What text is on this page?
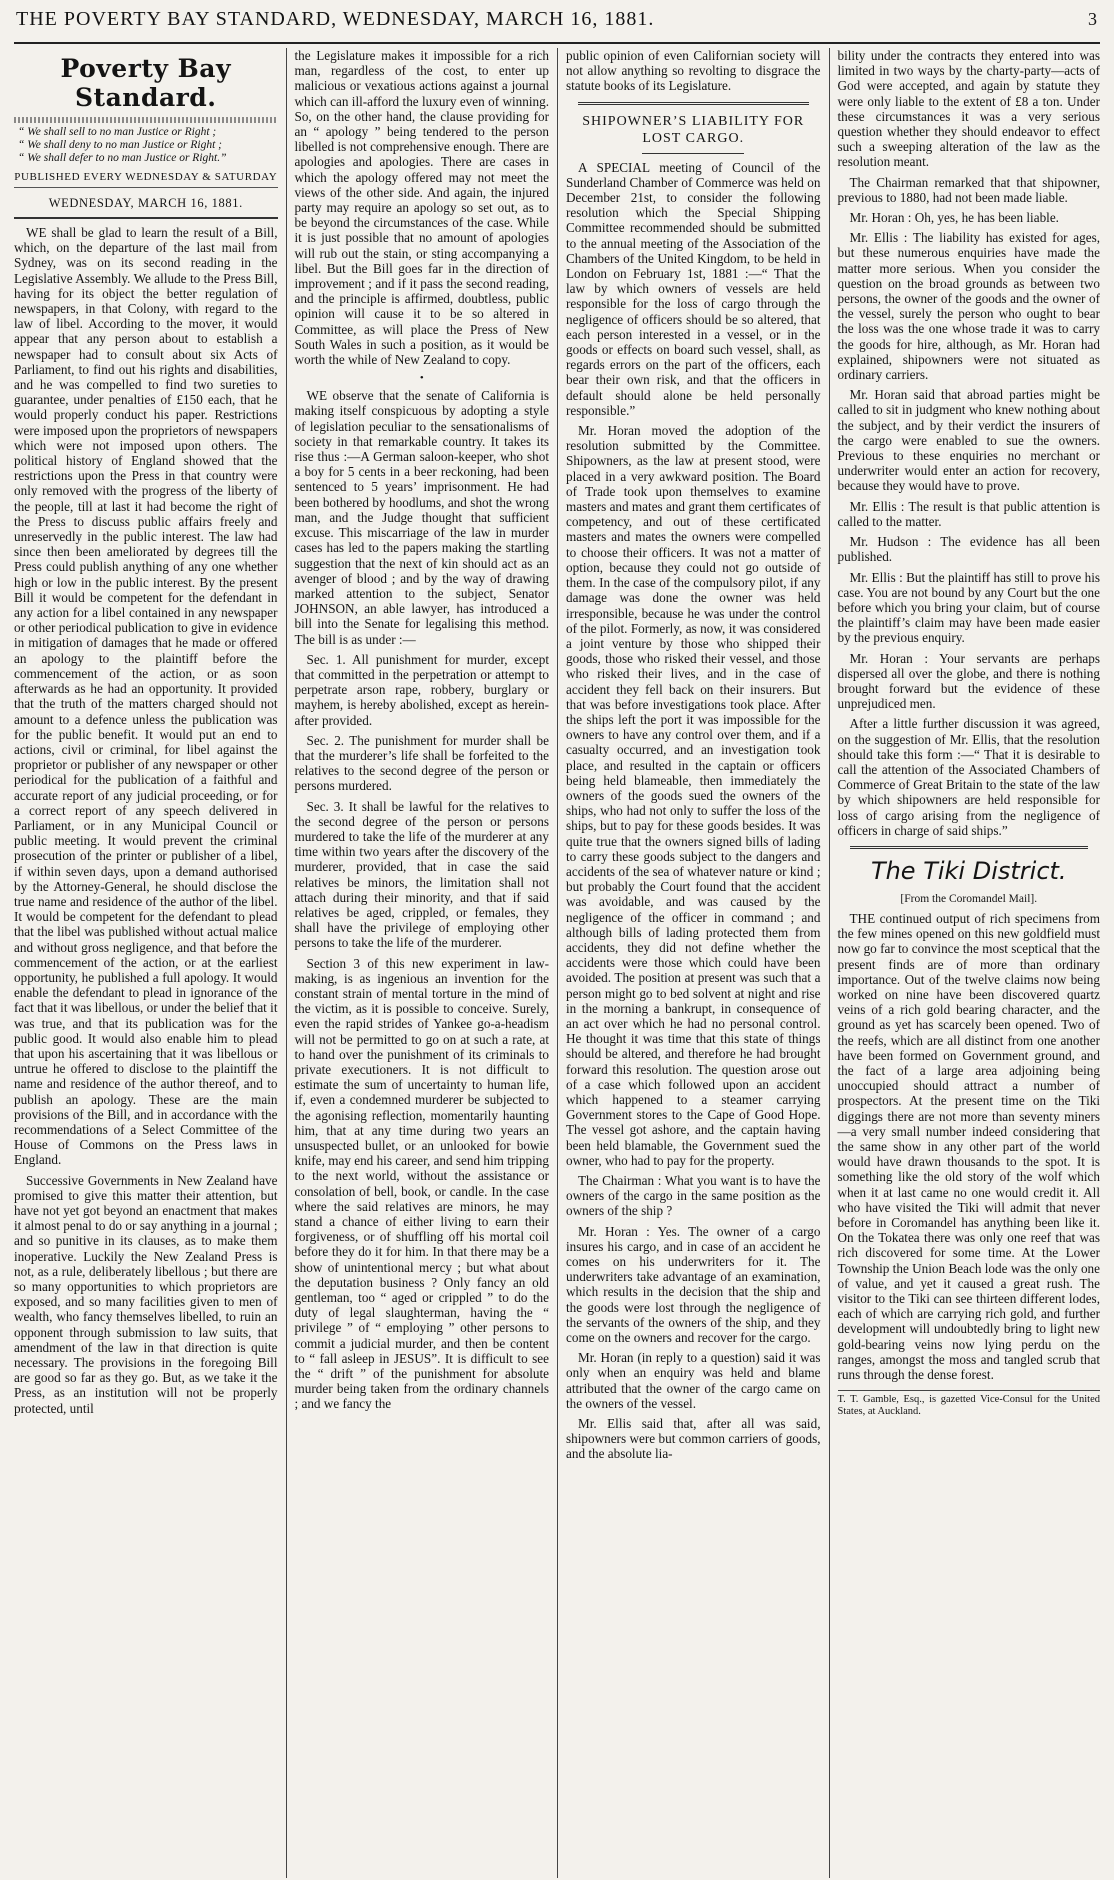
THE POVERTY BAY STANDARD, WEDNESDAY, MARCH 16, 1881.	3
Poverty Bay Standard.
“ We shall sell to no man Justice or Right ;
“ We shall deny to no man Justice or Right ;
“ We shall defer to no man Justice or Right.”
PUBLISHED EVERY WEDNESDAY & SATURDAY
WEDNESDAY, MARCH 16, 1881.

WE shall be glad to learn the result of a Bill, which, on the departure of the last mail from Sydney, was on its second reading in the Legislative Assembly. We allude to the Press Bill, having for its object the better regulation of newspapers, in that Colony, with regard to the law of libel. According to the mover, it would appear that any person about to establish a newspaper had to consult about six Acts of Parliament, to find out his rights and disabilities, and he was compelled to find two sureties to guarantee, under penalties of £150 each, that he would properly conduct his paper. Restrictions were imposed upon the proprietors of newspapers which were not imposed upon others. The political history of England showed that the restrictions upon the Press in that country were only removed with the progress of the liberty of the people, till at last it had become the right of the Press to discuss public affairs freely and unreservedly in the public interest. The law had since then been ameliorated by degrees till the Press could publish anything of any one whether high or low in the public interest. By the present Bill it would be competent for the defendant in any action for a libel contained in any newspaper or other periodical publication to give in evidence in mitigation of damages that he made or offered an apology to the plaintiff before the commencement of the action, or as soon afterwards as he had an opportunity. It provided that the truth of the matters charged should not amount to a defence unless the publication was for the public benefit. It would put an end to actions, civil or criminal, for libel against the proprietor or publisher of any newspaper or other periodical for the publication of a faithful and accurate report of any judicial proceeding, or for a correct report of any speech delivered in Parliament, or in any Municipal Council or public meeting. It would prevent the criminal prosecution of the printer or publisher of a libel, if within seven days, upon a demand authorised by the Attorney-General, he should disclose the true name and residence of the author of the libel. It would be competent for the defendant to plead that the libel was published without actual malice and without gross negligence, and that before the commencement of the action, or at the earliest opportunity, he published a full apology. It would enable the defendant to plead in ignorance of the fact that it was libellous, or under the belief that it was true, and that its publication was for the public good. It would also enable him to plead that upon his ascertaining that it was libellous or untrue he offered to disclose to the plaintiff the name and residence of the author thereof, and to publish an apology. These are the main provisions of the Bill, and in accordance with the recommendations of a Select Committee of the House of Commons on the Press laws in England.

Successive Governments in New Zealand have promised to give this matter their attention, but have not yet got beyond an enactment that makes it almost penal to do or say anything in a journal ; and so punitive in its clauses, as to make them inoperative. Luckily the New Zealand Press is not, as a rule, deliberately libellous ; but there are so many opportunities to which proprietors are exposed, and so many facilities given to men of wealth, who fancy themselves libelled, to ruin an opponent through submission to law suits, that amendment of the law in that direction is quite necessary. The provisions in the foregoing Bill are good so far as they go. But, as we take it the Press, as an institution will not be properly protected, until

the Legislature makes it impossible for a rich man, regardless of the cost, to enter up malicious or vexatious actions against a journal which can ill-afford the luxury even of winning. So, on the other hand, the clause providing for an “ apology ” being tendered to the person libelled is not comprehensive enough. There are apologies and apologies. There are cases in which the apology offered may not meet the views of the other side. And again, the injured party may require an apology so set out, as to be beyond the circumstances of the case. While it is just possible that no amount of apologies will rub out the stain, or sting accompanying a libel. But the Bill goes far in the direction of improvement ; and if it pass the second reading, and the principle is affirmed, doubtless, public opinion will cause it to be so altered in Committee, as will place the Press of New South Wales in such a position, as it would be worth the while of New Zealand to copy.

•

WE observe that the senate of California is making itself conspicuous by adopting a style of legislation peculiar to the sensationalisms of society in that remarkable country. It takes its rise thus :—A German saloon-keeper, who shot a boy for 5 cents in a beer reckoning, had been sentenced to 5 years’ imprisonment. He had been bothered by hoodlums, and shot the wrong man, and the Judge thought that sufficient excuse. This miscarriage of the law in murder cases has led to the papers making the startling suggestion that the next of kin should act as an avenger of blood ; and by the way of drawing marked attention to the subject, Senator JOHNSON, an able lawyer, has introduced a bill into the Senate for legalising this method. The bill is as under :—

Sec. 1. All punishment for murder, except that committed in the perpetration or attempt to perpetrate arson rape, robbery, burglary or mayhem, is hereby abolished, except as herein-after provided.

Sec. 2. The punishment for murder shall be that the murderer’s life shall be forfeited to the relatives to the second degree of the person or persons murdered.

Sec. 3. It shall be lawful for the relatives to the second degree of the person or persons murdered to take the life of the murderer at any time within two years after the discovery of the murderer, provided, that in case the said relatives be minors, the limitation shall not attach during their minority, and that if said relatives be aged, crippled, or females, they shall have the privilege of employing other persons to take the life of the murderer.

Section 3 of this new experiment in law-making, is as ingenious an invention for the constant strain of mental torture in the mind of the victim, as it is possible to conceive. Surely, even the rapid strides of Yankee go-a-headism will not be permitted to go on at such a rate, at to hand over the punishment of its criminals to private executioners. It is not difficult to estimate the sum of uncertainty to human life, if, even a condemned murderer be subjected to the agonising reflection, momentarily haunting him, that at any time during two years an unsuspected bullet, or an unlooked for bowie knife, may end his career, and send him tripping to the next world, without the assistance or consolation of bell, book, or candle. In the case where the said relatives are minors, he may stand a chance of either living to earn their forgiveness, or of shuffling off his mortal coil before they do it for him. In that there may be a show of unintentional mercy ; but what about the deputation business ? Only fancy an old gentleman, too “ aged or crippled ” to do the duty of legal slaughterman, having the “ privilege ” of “ employing ” other persons to commit a judicial murder, and then be content to “ fall asleep in JESUS”. It is difficult to see the “ drift ” of the punishment for absolute murder being taken from the ordinary channels ; and we fancy the

public opinion of even Californian society will not allow anything so revolting to disgrace the statute books of its Legislature.

SHIPOWNER’S LIABILITY FOR LOST CARGO.

A SPECIAL meeting of Council of the Sunderland Chamber of Commerce was held on December 21st, to consider the following resolution which the Special Shipping Committee recommended should be submitted to the annual meeting of the Association of the Chambers of the United Kingdom, to be held in London on February 1st, 1881 :—“ That the law by which owners of vessels are held responsible for the loss of cargo through the negligence of officers should be so altered, that each person interested in a vessel, or in the goods or effects on board such vessel, shall, as regards errors on the part of the officers, each bear their own risk, and that the officers in default should alone be held personally responsible.”

Mr. Horan moved the adoption of the resolution submitted by the Committee. Shipowners, as the law at present stood, were placed in a very awkward position. The Board of Trade took upon themselves to examine masters and mates and grant them certificates of competency, and out of these certificated masters and mates the owners were compelled to choose their officers. It was not a matter of option, because they could not go outside of them. In the case of the compulsory pilot, if any damage was done the owner was held irresponsible, because he was under the control of the pilot. Formerly, as now, it was considered a joint venture by those who shipped their goods, those who risked their vessel, and those who risked their lives, and in the case of accident they fell back on their insurers. But that was before investigations took place. After the ships left the port it was impossible for the owners to have any control over them, and if a casualty occurred, and an investigation took place, and resulted in the captain or officers being held blameable, then immediately the owners of the goods sued the owners of the ships, who had not only to suffer the loss of the ships, but to pay for these goods besides. It was quite true that the owners signed bills of lading to carry these goods subject to the dangers and accidents of the sea of whatever nature or kind ; but probably the Court found that the accident was avoidable, and was caused by the negligence of the officer in command ; and although bills of lading protected them from accidents, they did not define whether the accidents were those which could have been avoided. The position at present was such that a person might go to bed solvent at night and rise in the morning a bankrupt, in consequence of an act over which he had no personal control. He thought it was time that this state of things should be altered, and therefore he had brought forward this resolution. The question arose out of a case which followed upon an accident which happened to a steamer carrying Government stores to the Cape of Good Hope. The vessel got ashore, and the captain having been held blamable, the Government sued the owner, who had to pay for the property.

The Chairman : What you want is to have the owners of the cargo in the same position as the owners of the ship ?

Mr. Horan : Yes. The owner of a cargo insures his cargo, and in case of an accident he comes on his underwriters for it. The underwriters take advantage of an examination, which results in the decision that the ship and the goods were lost through the negligence of the servants of the owners of the ship, and they come on the owners and recover for the cargo.

Mr. Horan (in reply to a question) said it was only when an enquiry was held and blame attributed that the owner of the cargo came on the owners of the vessel.

Mr. Ellis said that, after all was said, shipowners were but common carriers of goods, and the absolute lia-

bility under the contracts they entered into was limited in two ways by the charty-party—acts of God were accepted, and again by statute they were only liable to the extent of £8 a ton. Under these circumstances it was a very serious question whether they should endeavor to effect such a sweeping alteration of the law as the resolution meant.

The Chairman remarked that that shipowner, previous to 1880, had not been made liable.

Mr. Horan : Oh, yes, he has been liable.

Mr. Ellis : The liability has existed for ages, but these numerous enquiries have made the matter more serious. When you consider the question on the broad grounds as between two persons, the owner of the goods and the owner of the vessel, surely the person who ought to bear the loss was the one whose trade it was to carry the goods for hire, although, as Mr. Horan had explained, shipowners were not situated as ordinary carriers.

Mr. Horan said that abroad parties might be called to sit in judgment who knew nothing about the subject, and by their verdict the insurers of the cargo were enabled to sue the owners. Previous to these enquiries no merchant or underwriter would enter an action for recovery, because they would have to prove.

Mr. Ellis : The result is that public attention is called to the matter.

Mr. Hudson : The evidence has all been published.

Mr. Ellis : But the plaintiff has still to prove his case. You are not bound by any Court but the one before which you bring your claim, but of course the plaintiff’s claim may have been made easier by the previous enquiry.

Mr. Horan : Your servants are perhaps dispersed all over the globe, and there is nothing brought forward but the evidence of these unprejudiced men.

After a little further discussion it was agreed, on the suggestion of Mr. Ellis, that the resolution should take this form :—“ That it is desirable to call the attention of the Associated Chambers of Commerce of Great Britain to the state of the law by which shipowners are held responsible for loss of cargo arising from the negligence of officers in charge of said ships.”

The Tiki District.
[From the Coromandel Mail].

THE continued output of rich specimens from the few mines opened on this new goldfield must now go far to convince the most sceptical that the present finds are of more than ordinary importance. Out of the twelve claims now being worked on nine have been discovered quartz veins of a rich gold bearing character, and the ground as yet has scarcely been opened. Two of the reefs, which are all distinct from one another have been formed on Government ground, and the fact of a large area adjoining being unoccupied should attract a number of prospectors. At the present time on the Tiki diggings there are not more than seventy miners—a very small number indeed considering that the same show in any other part of the world would have drawn thousands to the spot. It is something like the old story of the wolf which when it at last came no one would credit it. All who have visited the Tiki will admit that never before in Coromandel has anything been like it. On the Tokatea there was only one reef that was rich discovered for some time. At the Lower Township the Union Beach lode was the only one of value, and yet it caused a great rush. The visitor to the Tiki can see thirteen different lodes, each of which are carrying rich gold, and further development will undoubtedly bring to light new gold-bearing veins now lying perdu on the ranges, amongst the moss and tangled scrub that runs through the dense forest.

T. T. Gamble, Esq., is gazetted Vice-Consul for the United States, at Auckland.
